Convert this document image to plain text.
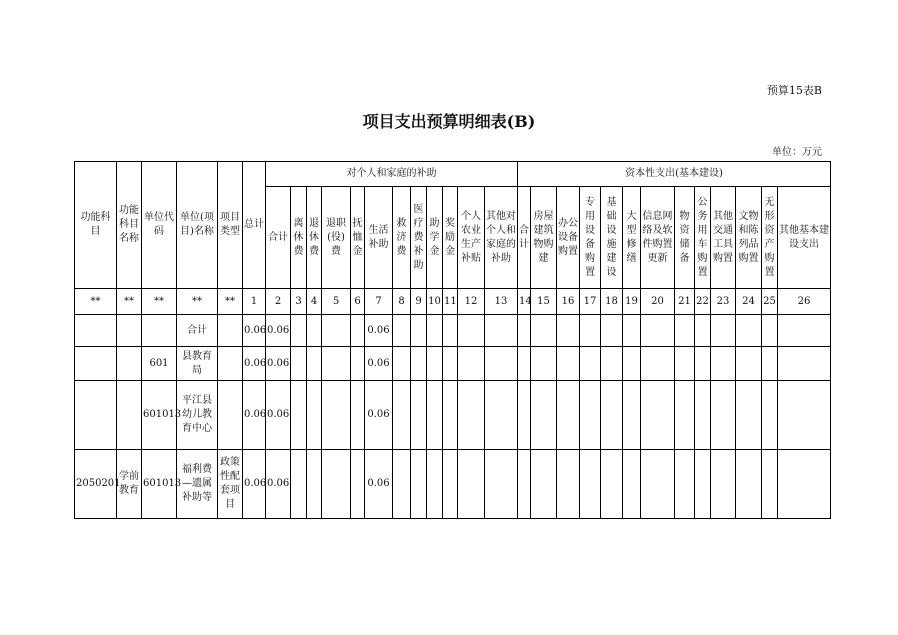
预算15表B
项目支出预算明细表(B)
单位：万元
功能科目	功能科目名称	单位代码	单位(项目)名称	项目类型	总计	对个人和家庭的补助												资本性支出(基本建设)												
						合计	离休费	退休费	退职(役)费	抚恤金	生活补助	救济费	医疗费补助	助学金	奖励金	个人农业生产补贴	其他对个人和家庭的补助	合计	房屋建筑物购建	办公设备购置	专用设备购置	基础设施建设	大型修缮	信息网络及软件购置更新	物资储备	公务用车购置	其他交通工具购置	文物和陈列品购置	无形资产购置	其他基本建设支出
**	**	**	**	**	1	2	3	4	5	6	7	8	9	10	11	12	13	14	15	16	17	18	19	20	21	22	23	24	25	26
			合计		0.06	0.06					0.06																			
		601	县教育局		0.06	0.06					0.06																			
		601013	平江县幼儿教育中心		0.06	0.06					0.06																			
2050201	学前教育	601013	福利费—遗属补助等	政策性配套项目	0.06	0.06					0.06																			
